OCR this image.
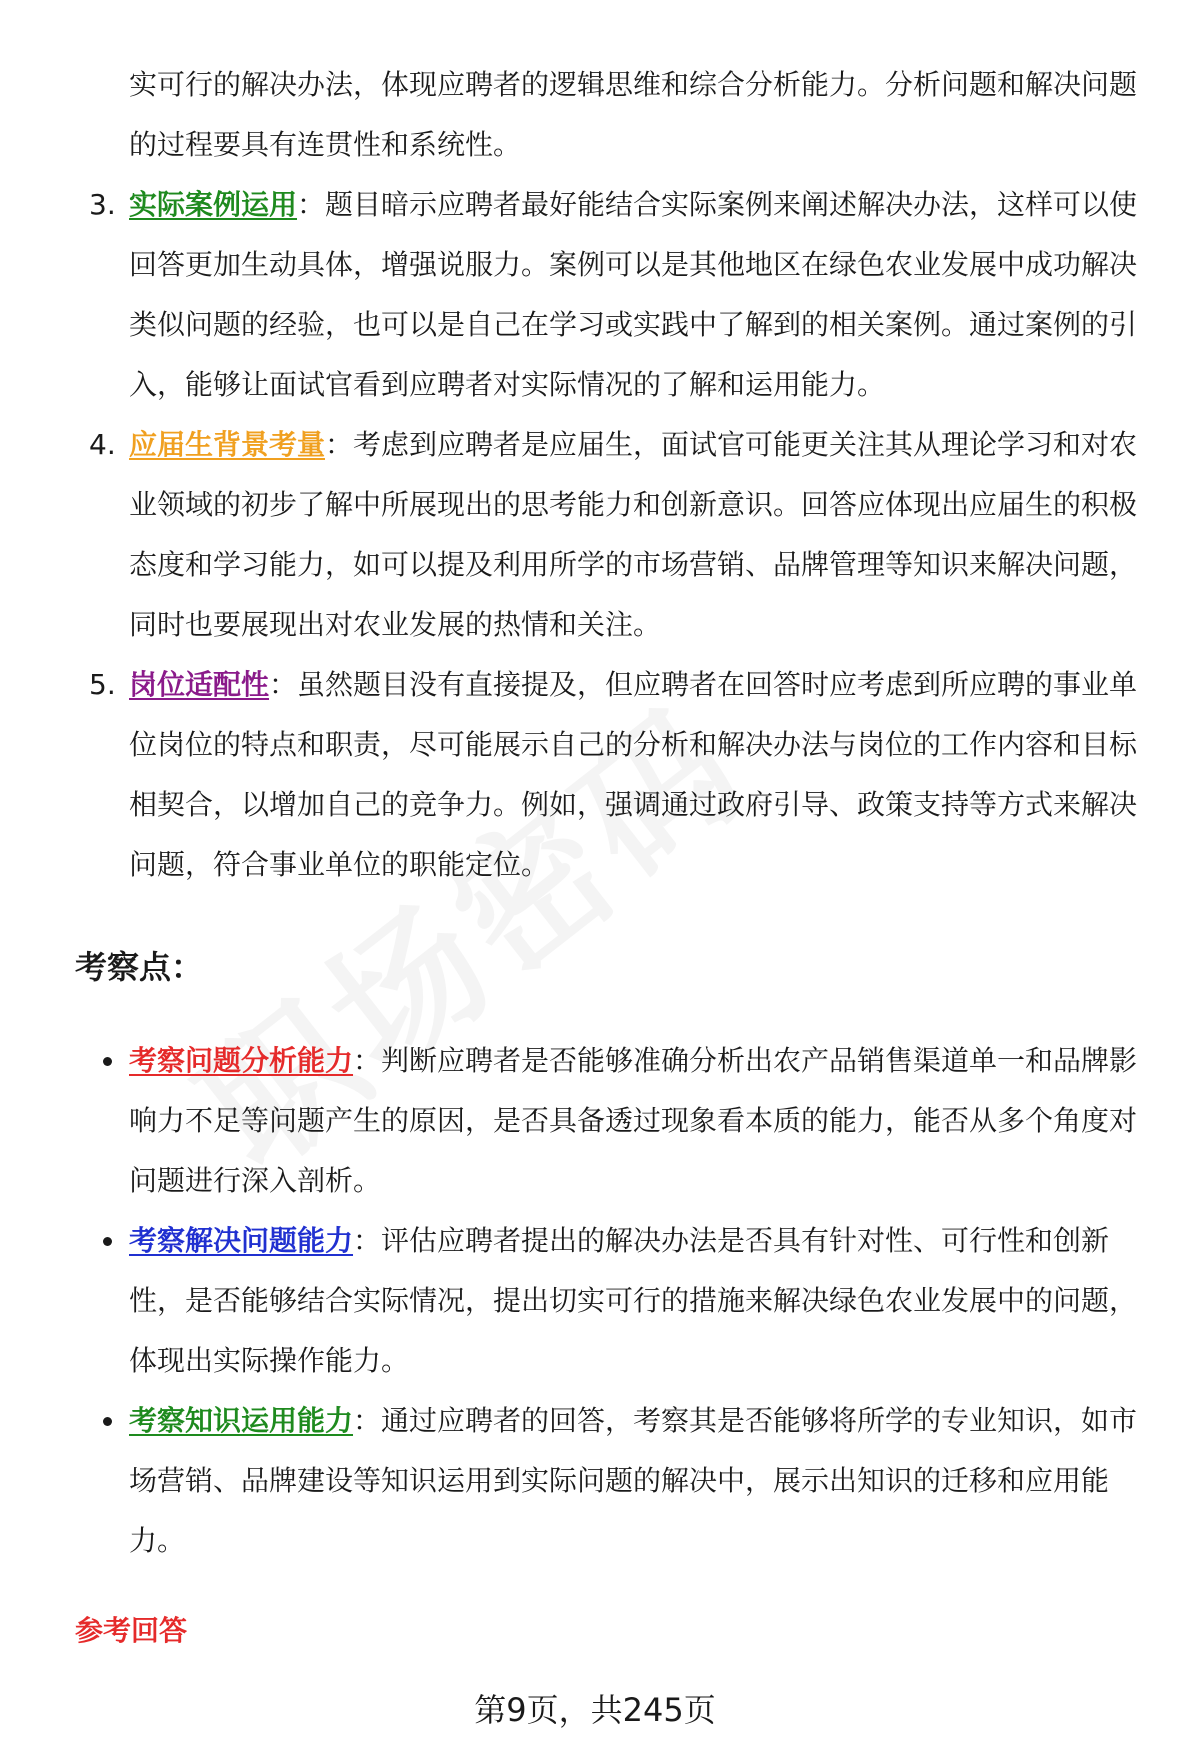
实可行的解决办法，体现应聘者的逻辑思维和综合分析能力。分析问题和解决问题的过程要具有连贯性和系统性。
3. 实际案例运用：题目暗示应聘者最好能结合实际案例来阐述解决办法，这样可以使回答更加生动具体，增强说服力。案例可以是其他地区在绿色农业发展中成功解决类似问题的经验，也可以是自己在学习或实践中了解到的相关案例。通过案例的引入，能够让面试官看到应聘者对实际情况的了解和运用能力。
4. 应届生背景考量：考虑到应聘者是应届生，面试官可能更关注其从理论学习和对农业领域的初步了解中所展现出的思考能力和创新意识。回答应体现出应届生的积极态度和学习能力，如可以提及利用所学的市场营销、品牌管理等知识来解决问题，同时也要展现出对农业发展的热情和关注。
5. 岗位适配性：虽然题目没有直接提及，但应聘者在回答时应考虑到所应聘的事业单位岗位的特点和职责，尽可能展示自己的分析和解决办法与岗位的工作内容和目标相契合，以增加自己的竞争力。例如，强调通过政府引导、政策支持等方式来解决问题，符合事业单位的职能定位。
考察点：
考察问题分析能力：判断应聘者是否能够准确分析出农产品销售渠道单一和品牌影响力不足等问题产生的原因，是否具备透过现象看本质的能力，能否从多个角度对问题进行深入剖析。
考察解决问题能力：评估应聘者提出的解决办法是否具有针对性、可行性和创新性，是否能够结合实际情况，提出切实可行的措施来解决绿色农业发展中的问题，体现出实际操作能力。
考察知识运用能力：通过应聘者的回答，考察其是否能够将所学的专业知识，如市场营销、品牌建设等知识运用到实际问题的解决中，展示出知识的迁移和应用能力。
参考回答
第9页，共245页
